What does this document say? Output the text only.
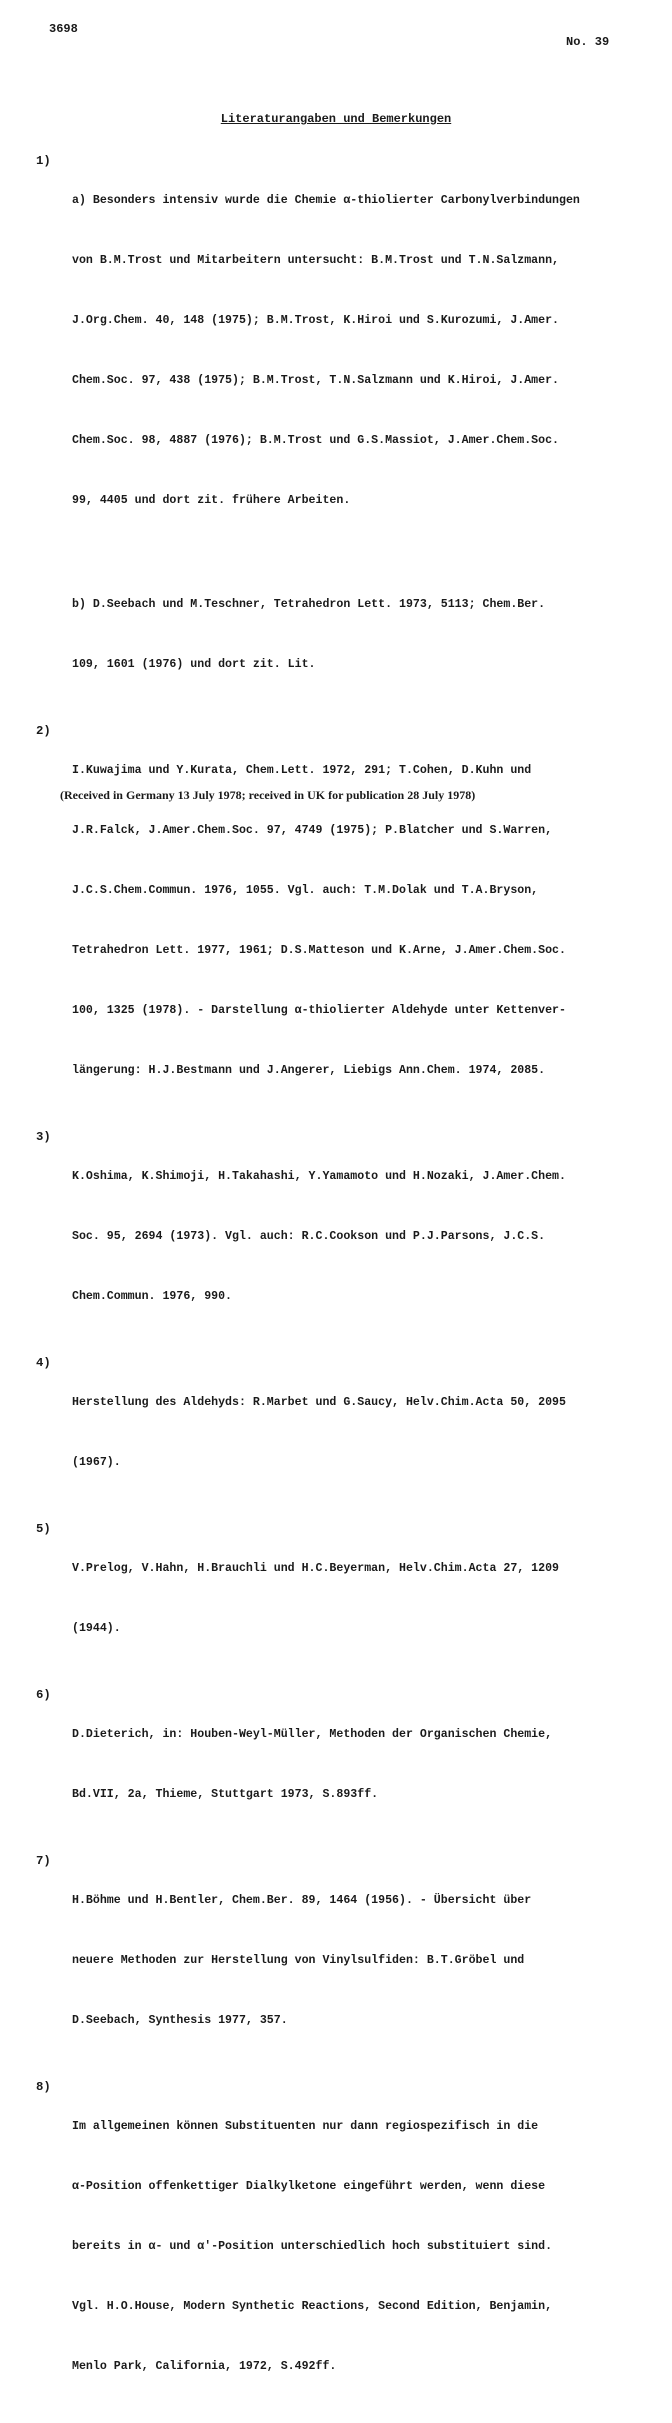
3698
No. 39
Literaturangaben und Bemerkungen
1)

a) Besonders intensiv wurde die Chemie α-thiolierter Carbonylverbindungen

von B.M.Trost und Mitarbeitern untersucht: B.M.Trost und T.N.Salzmann,

J.Org.Chem. 40, 148 (1975); B.M.Trost, K.Hiroi und S.Kurozumi, J.Amer.

Chem.Soc. 97, 438 (1975); B.M.Trost, T.N.Salzmann und K.Hiroi, J.Amer.

Chem.Soc. 98, 4887 (1976); B.M.Trost und G.S.Massiot, J.Amer.Chem.Soc.

99, 4405 und dort zit. frühere Arbeiten.

b) D.Seebach und M.Teschner, Tetrahedron Lett. 1973, 5113; Chem.Ber.

109, 1601 (1976) und dort zit. Lit.

2)

I.Kuwajima und Y.Kurata, Chem.Lett. 1972, 291; T.Cohen, D.Kuhn und

J.R.Falck, J.Amer.Chem.Soc. 97, 4749 (1975); P.Blatcher und S.Warren,

J.C.S.Chem.Commun. 1976, 1055. Vgl. auch: T.M.Dolak und T.A.Bryson,

Tetrahedron Lett. 1977, 1961; D.S.Matteson und K.Arne, J.Amer.Chem.Soc.

100, 1325 (1978). - Darstellung α-thiolierter Aldehyde unter Kettenver-

längerung: H.J.Bestmann und J.Angerer, Liebigs Ann.Chem. 1974, 2085.

3)

K.Oshima, K.Shimoji, H.Takahashi, Y.Yamamoto und H.Nozaki, J.Amer.Chem.

Soc. 95, 2694 (1973). Vgl. auch: R.C.Cookson und P.J.Parsons, J.C.S.

Chem.Commun. 1976, 990.

4)

Herstellung des Aldehyds: R.Marbet und G.Saucy, Helv.Chim.Acta 50, 2095

(1967).

5)

V.Prelog, V.Hahn, H.Brauchli und H.C.Beyerman, Helv.Chim.Acta 27, 1209

(1944).

6)

D.Dieterich, in: Houben-Weyl-Müller, Methoden der Organischen Chemie,

Bd.VII, 2a, Thieme, Stuttgart 1973, S.893ff.

7)

H.Böhme und H.Bentler, Chem.Ber. 89, 1464 (1956). - Übersicht über

neuere Methoden zur Herstellung von Vinylsulfiden: B.T.Gröbel und

D.Seebach, Synthesis 1977, 357.

8)

Im allgemeinen können Substituenten nur dann regiospezifisch in die

α-Position offenkettiger Dialkylketone eingeführt werden, wenn diese

bereits in α- und α'-Position unterschiedlich hoch substituiert sind.

Vgl. H.O.House, Modern Synthetic Reactions, Second Edition, Benjamin,

Menlo Park, California, 1972, S.492ff.

(Received in Germany 13 July 1978; received in UK for publication 28 July 1978)
